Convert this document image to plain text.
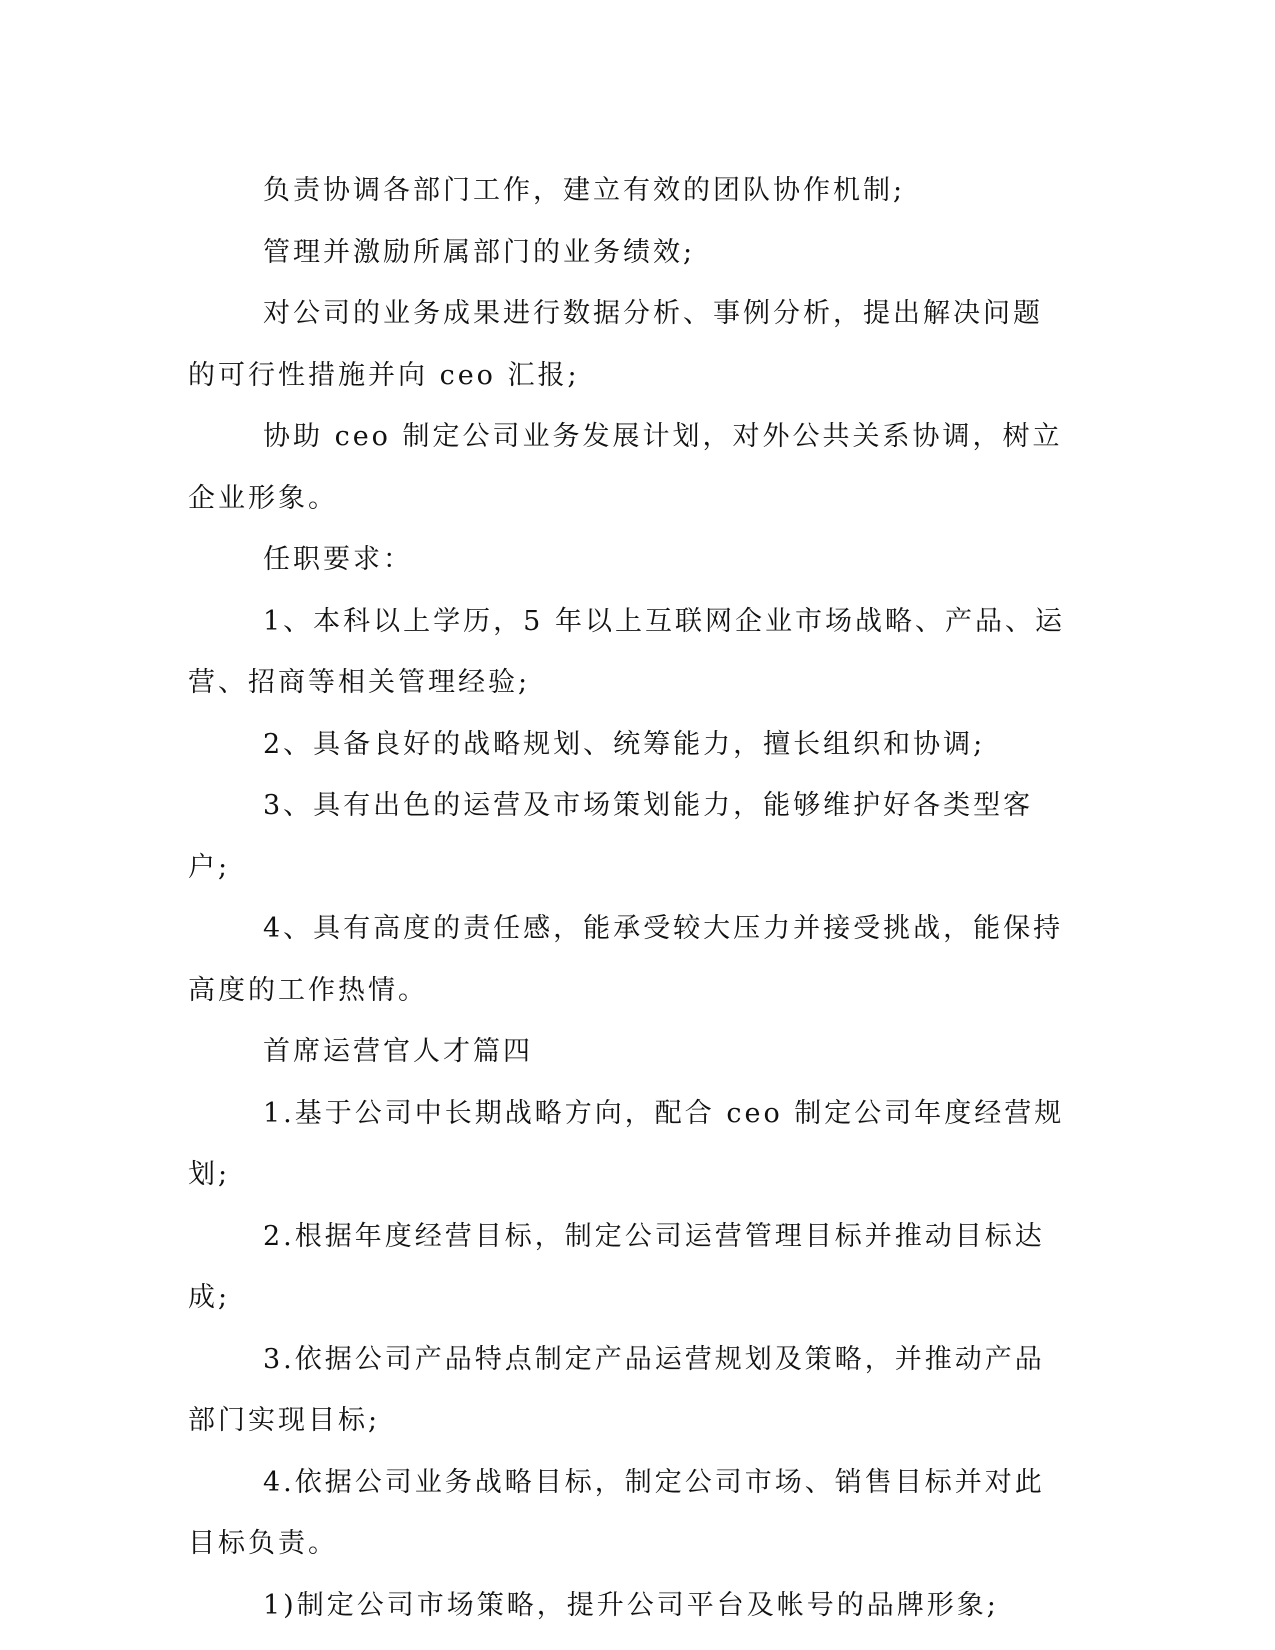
负责协调各部门工作，建立有效的团队协作机制;

管理并激励所属部门的业务绩效;

对公司的业务成果进行数据分析、事例分析，提出解决问题的可行性措施并向 ceo 汇报;

协助 ceo 制定公司业务发展计划，对外公共关系协调，树立企业形象。

任职要求：

1、本科以上学历，5 年以上互联网企业市场战略、产品、运营、招商等相关管理经验;

2、具备良好的战略规划、统筹能力，擅长组织和协调;

3、具有出色的运营及市场策划能力，能够维护好各类型客户;

4、具有高度的责任感，能承受较大压力并接受挑战，能保持高度的工作热情。

首席运营官人才篇四

1.基于公司中长期战略方向，配合 ceo 制定公司年度经营规划;

2.根据年度经营目标，制定公司运营管理目标并推动目标达成;

3.依据公司产品特点制定产品运营规划及策略，并推动产品部门实现目标;

4.依据公司业务战略目标，制定公司市场、销售目标并对此目标负责。

1)制定公司市场策略，提升公司平台及帐号的品牌形象;
